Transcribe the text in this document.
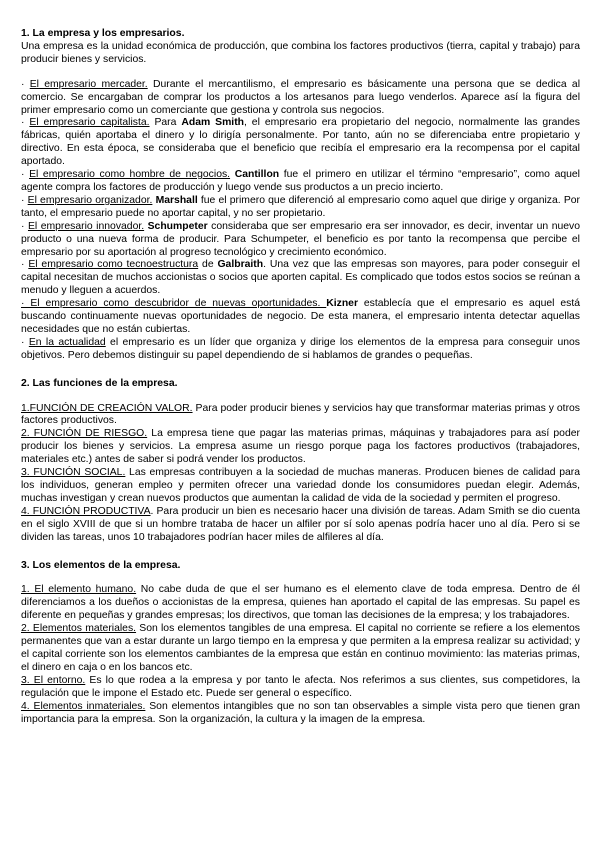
1. La empresa y los empresarios.

Una empresa es la unidad económica de producción, que combina los factores productivos (tierra, capital y trabajo) para producir bienes y servicios.

· El empresario mercader. Durante el mercantilismo, el empresario es básicamente una persona que se dedica al comercio. Se encargaban de comprar los productos a los artesanos para luego venderlos. Aparece así la figura del primer empresario como un comerciante que gestiona y controla sus negocios.

· El empresario capitalista. Para Adam Smith, el empresario era propietario del negocio, normalmente las grandes fábricas, quién aportaba el dinero y lo dirigía personalmente. Por tanto, aún no se diferenciaba entre propietario y directivo. En esta época, se consideraba que el beneficio que recibía el empresario era la recompensa por el capital aportado.

· El empresario como hombre de negocios. Cantillon fue el primero en utilizar el término “empresario”, como aquel agente compra los factores de producción y luego vende sus productos a un precio incierto.

· El empresario organizador. Marshall fue el primero que diferenció al empresario como aquel que dirige y organiza. Por tanto, el empresario puede no aportar capital, y no ser propietario.

· El empresario innovador. Schumpeter consideraba que ser empresario era ser innovador, es decir, inventar un nuevo producto o una nueva forma de producir. Para Schumpeter, el beneficio es por tanto la recompensa que percibe el empresario por su aportación al progreso tecnológico y crecimiento económico.

· El empresario como tecnoestructura de Galbraith. Una vez que las empresas son mayores, para poder conseguir el capital necesitan de muchos accionistas o socios que aporten capital. Es complicado que todos estos socios se reúnan a menudo y lleguen a acuerdos.

· El empresario como descubridor de nuevas oportunidades. Kizner establecía que el empresario es aquel está buscando continuamente nuevas oportunidades de negocio. De esta manera, el empresario intenta detectar aquellas necesidades que no están cubiertas.

· En la actualidad el empresario es un líder que organiza y dirige los elementos de la empresa para conseguir unos objetivos. Pero debemos distinguir su papel dependiendo de si hablamos de grandes o pequeñas.

2. Las funciones de la empresa.

1.FUNCIÓN DE CREACIÓN VALOR. Para poder producir bienes y servicios hay que transformar materias primas y otros factores productivos.

2. FUNCIÓN DE RIESGO. La empresa tiene que pagar las materias primas, máquinas y trabajadores para así poder producir los bienes y servicios. La empresa asume un riesgo porque paga los factores productivos (trabajadores, materiales etc.) antes de saber si podrá vender los productos.

3. FUNCIÓN SOCIAL. Las empresas contribuyen a la sociedad de muchas maneras. Producen bienes de calidad para los individuos, generan empleo y permiten ofrecer una variedad donde los consumidores puedan elegir. Además, muchas investigan y crean nuevos productos que aumentan la calidad de vida de la sociedad y permiten el progreso.

4. FUNCIÓN PRODUCTIVA. Para producir un bien es necesario hacer una división de tareas. Adam Smith se dio cuenta en el siglo XVIII de que si un hombre trataba de hacer un alfiler por sí solo apenas podría hacer uno al día. Pero si se dividen las tareas, unos 10 trabajadores podrían hacer miles de alfileres al día.

3. Los elementos de la empresa.

1. El elemento humano. No cabe duda de que el ser humano es el elemento clave de toda empresa. Dentro de él diferenciamos a los dueños o accionistas de la empresa, quienes han aportado el capital de las empresas. Su papel es diferente en pequeñas y grandes empresas; los directivos, que toman las decisiones de la empresa; y los trabajadores.

2. Elementos materiales. Son los elementos tangibles de una empresa. El capital no corriente se refiere a los elementos permanentes que van a estar durante un largo tiempo en la empresa y que permiten a la empresa realizar su actividad; y el capital corriente son los elementos cambiantes de la empresa que están en continuo movimiento: las materias primas, el dinero en caja o en los bancos etc.

3. El entorno. Es lo que rodea a la empresa y por tanto le afecta. Nos referimos a sus clientes, sus competidores, la regulación que le impone el Estado etc. Puede ser general o específico.

4. Elementos inmateriales. Son elementos intangibles que no son tan observables a simple vista pero que tienen gran importancia para la empresa. Son la organización, la cultura y la imagen de la empresa.
